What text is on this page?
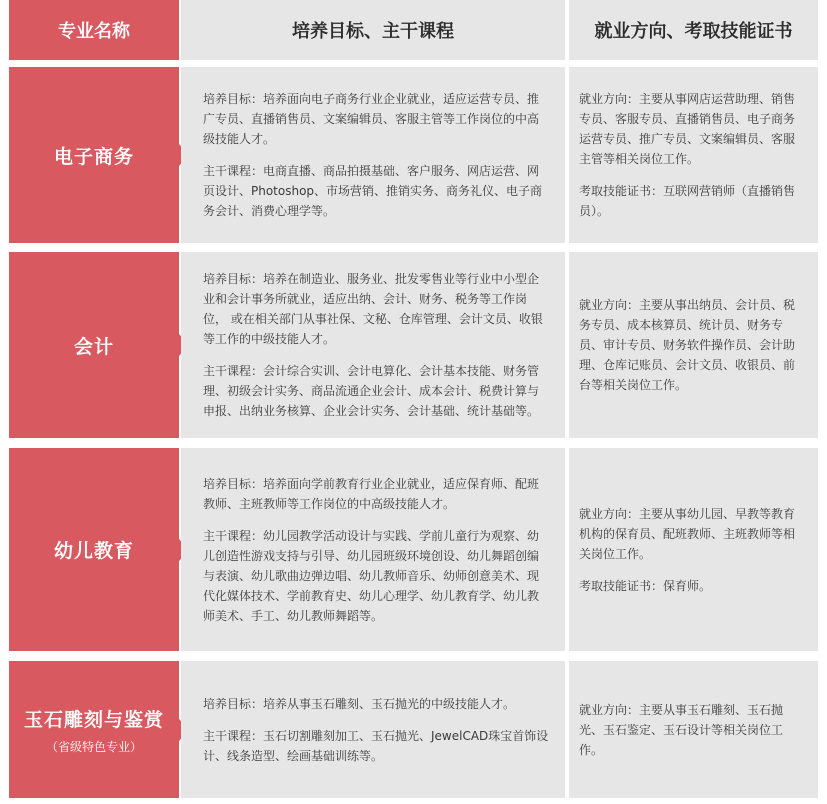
专业名称	培养目标、主干课程	就业方向、考取技能证书
电子商务

培养目标：培养面向电子商务行业企业就业，适应运营专员、推广专员、直播销售员、文案编辑员、客服主管等工作岗位的中高级技能人才。

主干课程：电商直播、商品拍摄基础、客户服务、网店运营、网页设计、Photoshop、市场营销、推销实务、商务礼仪、电子商务会计、消费心理学等。

就业方向：主要从事网店运营助理、销售专员、客服专员、直播销售员、电子商务运营专员、推广专员、文案编辑员、客服主管等相关岗位工作。

考取技能证书：互联网营销师（直播销售员）。

会计

培养目标：培养在制造业、服务业、批发零售业等行业中小型企业和会计事务所就业，适应出纳、会计、财务、税务等工作岗位， 或在相关部门从事社保、文秘、仓库管理、会计文员、收银等工作的中级技能人才。

主干课程：会计综合实训、会计电算化、会计基本技能、财务管理、初级会计实务、商品流通企业会计、成本会计、税费计算与申报、出纳业务核算、企业会计实务、会计基础、统计基础等。

就业方向：主要从事出纳员、会计员、税务专员、成本核算员、统计员、财务专员、审计专员、财务软件操作员、会计助理、仓库记账员、会计文员、收银员、前台等相关岗位工作。

幼儿教育

培养目标：培养面向学前教育行业企业就业，适应保育师、配班教师、主班教师等工作岗位的中高级技能人才。

主干课程：幼儿园教学活动设计与实践、学前儿童行为观察、幼儿创造性游戏支持与引导、幼儿园班级环境创设、幼儿舞蹈创编与表演、幼儿歌曲边弹边唱、幼儿教师音乐、幼师创意美术、现代化媒体技术、学前教育史、幼儿心理学、幼儿教育学、幼儿教师美术、手工、幼儿教师舞蹈等。

就业方向：主要从事幼儿园、早教等教育机构的保育员、配班教师、主班教师等相关岗位工作。

考取技能证书：保育师。

玉石雕刻与鉴赏
（省级特色专业）

培养目标：培养从事玉石雕刻、玉石抛光的中级技能人才。

主干课程：玉石切割雕刻加工、玉石抛光、JewelCAD珠宝首饰设计、线条造型、绘画基础训练等。

就业方向：主要从事玉石雕刻、玉石抛光、玉石鉴定、玉石设计等相关岗位工作。
